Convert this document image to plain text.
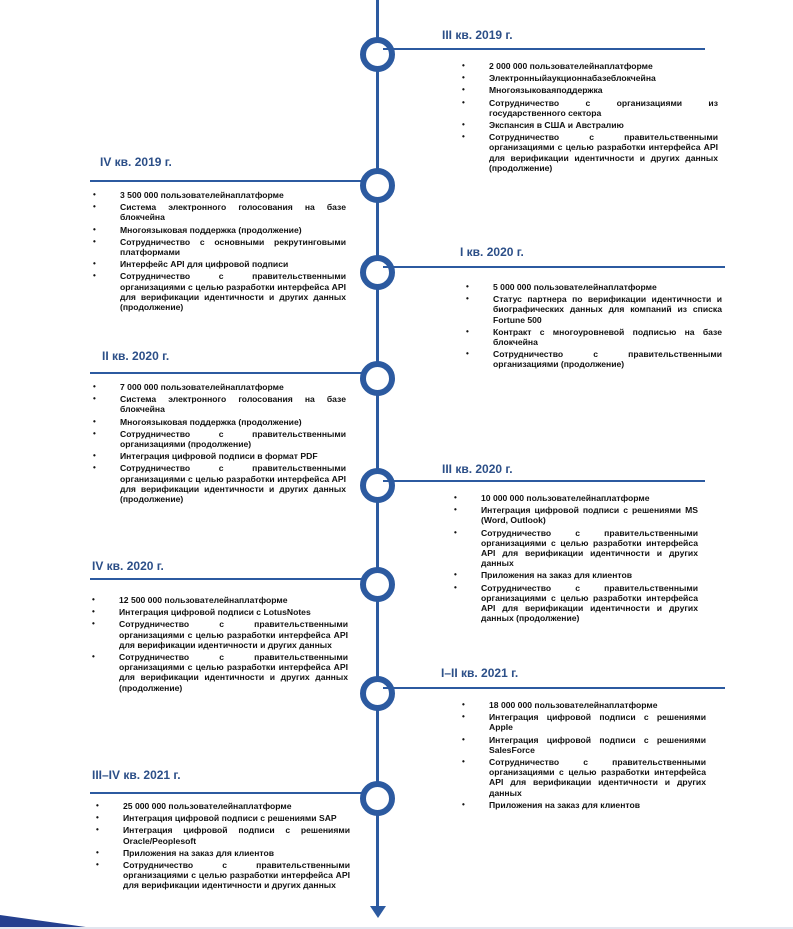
III кв. 2019 г.
• 2 000 000 пользователейнаплатформе
• Электронныйаукционнабазеблокчейна
• Многоязыковаяподдержка
• Сотрудничество с организациями из государственного сектора
• Экспансия в США и Австралию
• Сотрудничество с правительственными организациями с целью разработки интерфейса API для верификации идентичности и других данных (продолжение)
IV кв. 2019 г.
• 3 500 000 пользователейнаплатформе
• Система электронного голосования на базе блокчейна
• Многоязыковая поддержка (продолжение)
• Сотрудничество с основными рекрутинговыми платформами
• Интерфейс API для цифровой подписи
• Сотрудничество с правительственными организациями с целью разработки интерфейса API для верификации идентичности и других данных (продолжение)
I кв. 2020 г.
• 5 000 000 пользователейнаплатформе
• Статус партнера по верификации идентичности и биографических данных для компаний из списка Fortune 500
• Контракт с многоуровневой подписью на базе блокчейна
• Сотрудничество с правительственными организациями (продолжение)
II кв. 2020 г.
• 7 000 000 пользователейнаплатформе
• Система электронного голосования на базе блокчейна
• Многоязыковая поддержка (продолжение)
• Сотрудничество с правительственными организациями (продолжение)
• Интеграция цифровой подписи в формат PDF
• Сотрудничество с правительственными организациями с целью разработки интерфейса API для верификации идентичности и других данных (продолжение)
III кв. 2020 г.
• 10 000 000 пользователейнаплатформе
• Интеграция цифровой подписи с решениями MS (Word, Outlook)
• Сотрудничество с правительственными организациями с целью разработки интерфейса API для верификации идентичности и других данных
• Приложения на заказ для клиентов
• Сотрудничество с правительственными организациями с целью разработки интерфейса API для верификации идентичности и других данных (продолжение)
IV кв. 2020 г.
• 12 500 000 пользователейнаплатформе
• Интеграция цифровой подписи с LotusNotes
• Сотрудничество с правительственными организациями с целью разработки интерфейса API для верификации идентичности и других данных
• Сотрудничество с правительственными организациями с целью разработки интерфейса API для верификации идентичности и других данных (продолжение)
I–II кв. 2021 г.
• 18 000 000 пользователейнаплатформе
• Интеграция цифровой подписи с решениями Apple
• Интеграция цифровой подписи с решениями SalesForce
• Сотрудничество с правительственными организациями с целью разработки интерфейса API для верификации идентичности и других данных
• Приложения на заказ для клиентов
III–IV кв. 2021 г.
• 25 000 000 пользователейнаплатформе
• Интеграция цифровой подписи с решениями SAP
• Интеграция цифровой подписи с решениями Oracle/Peoplesoft
• Приложения на заказ для клиентов
• Сотрудничество с правительственными организациями с целью разработки интерфейса API для верификации идентичности и других данных
